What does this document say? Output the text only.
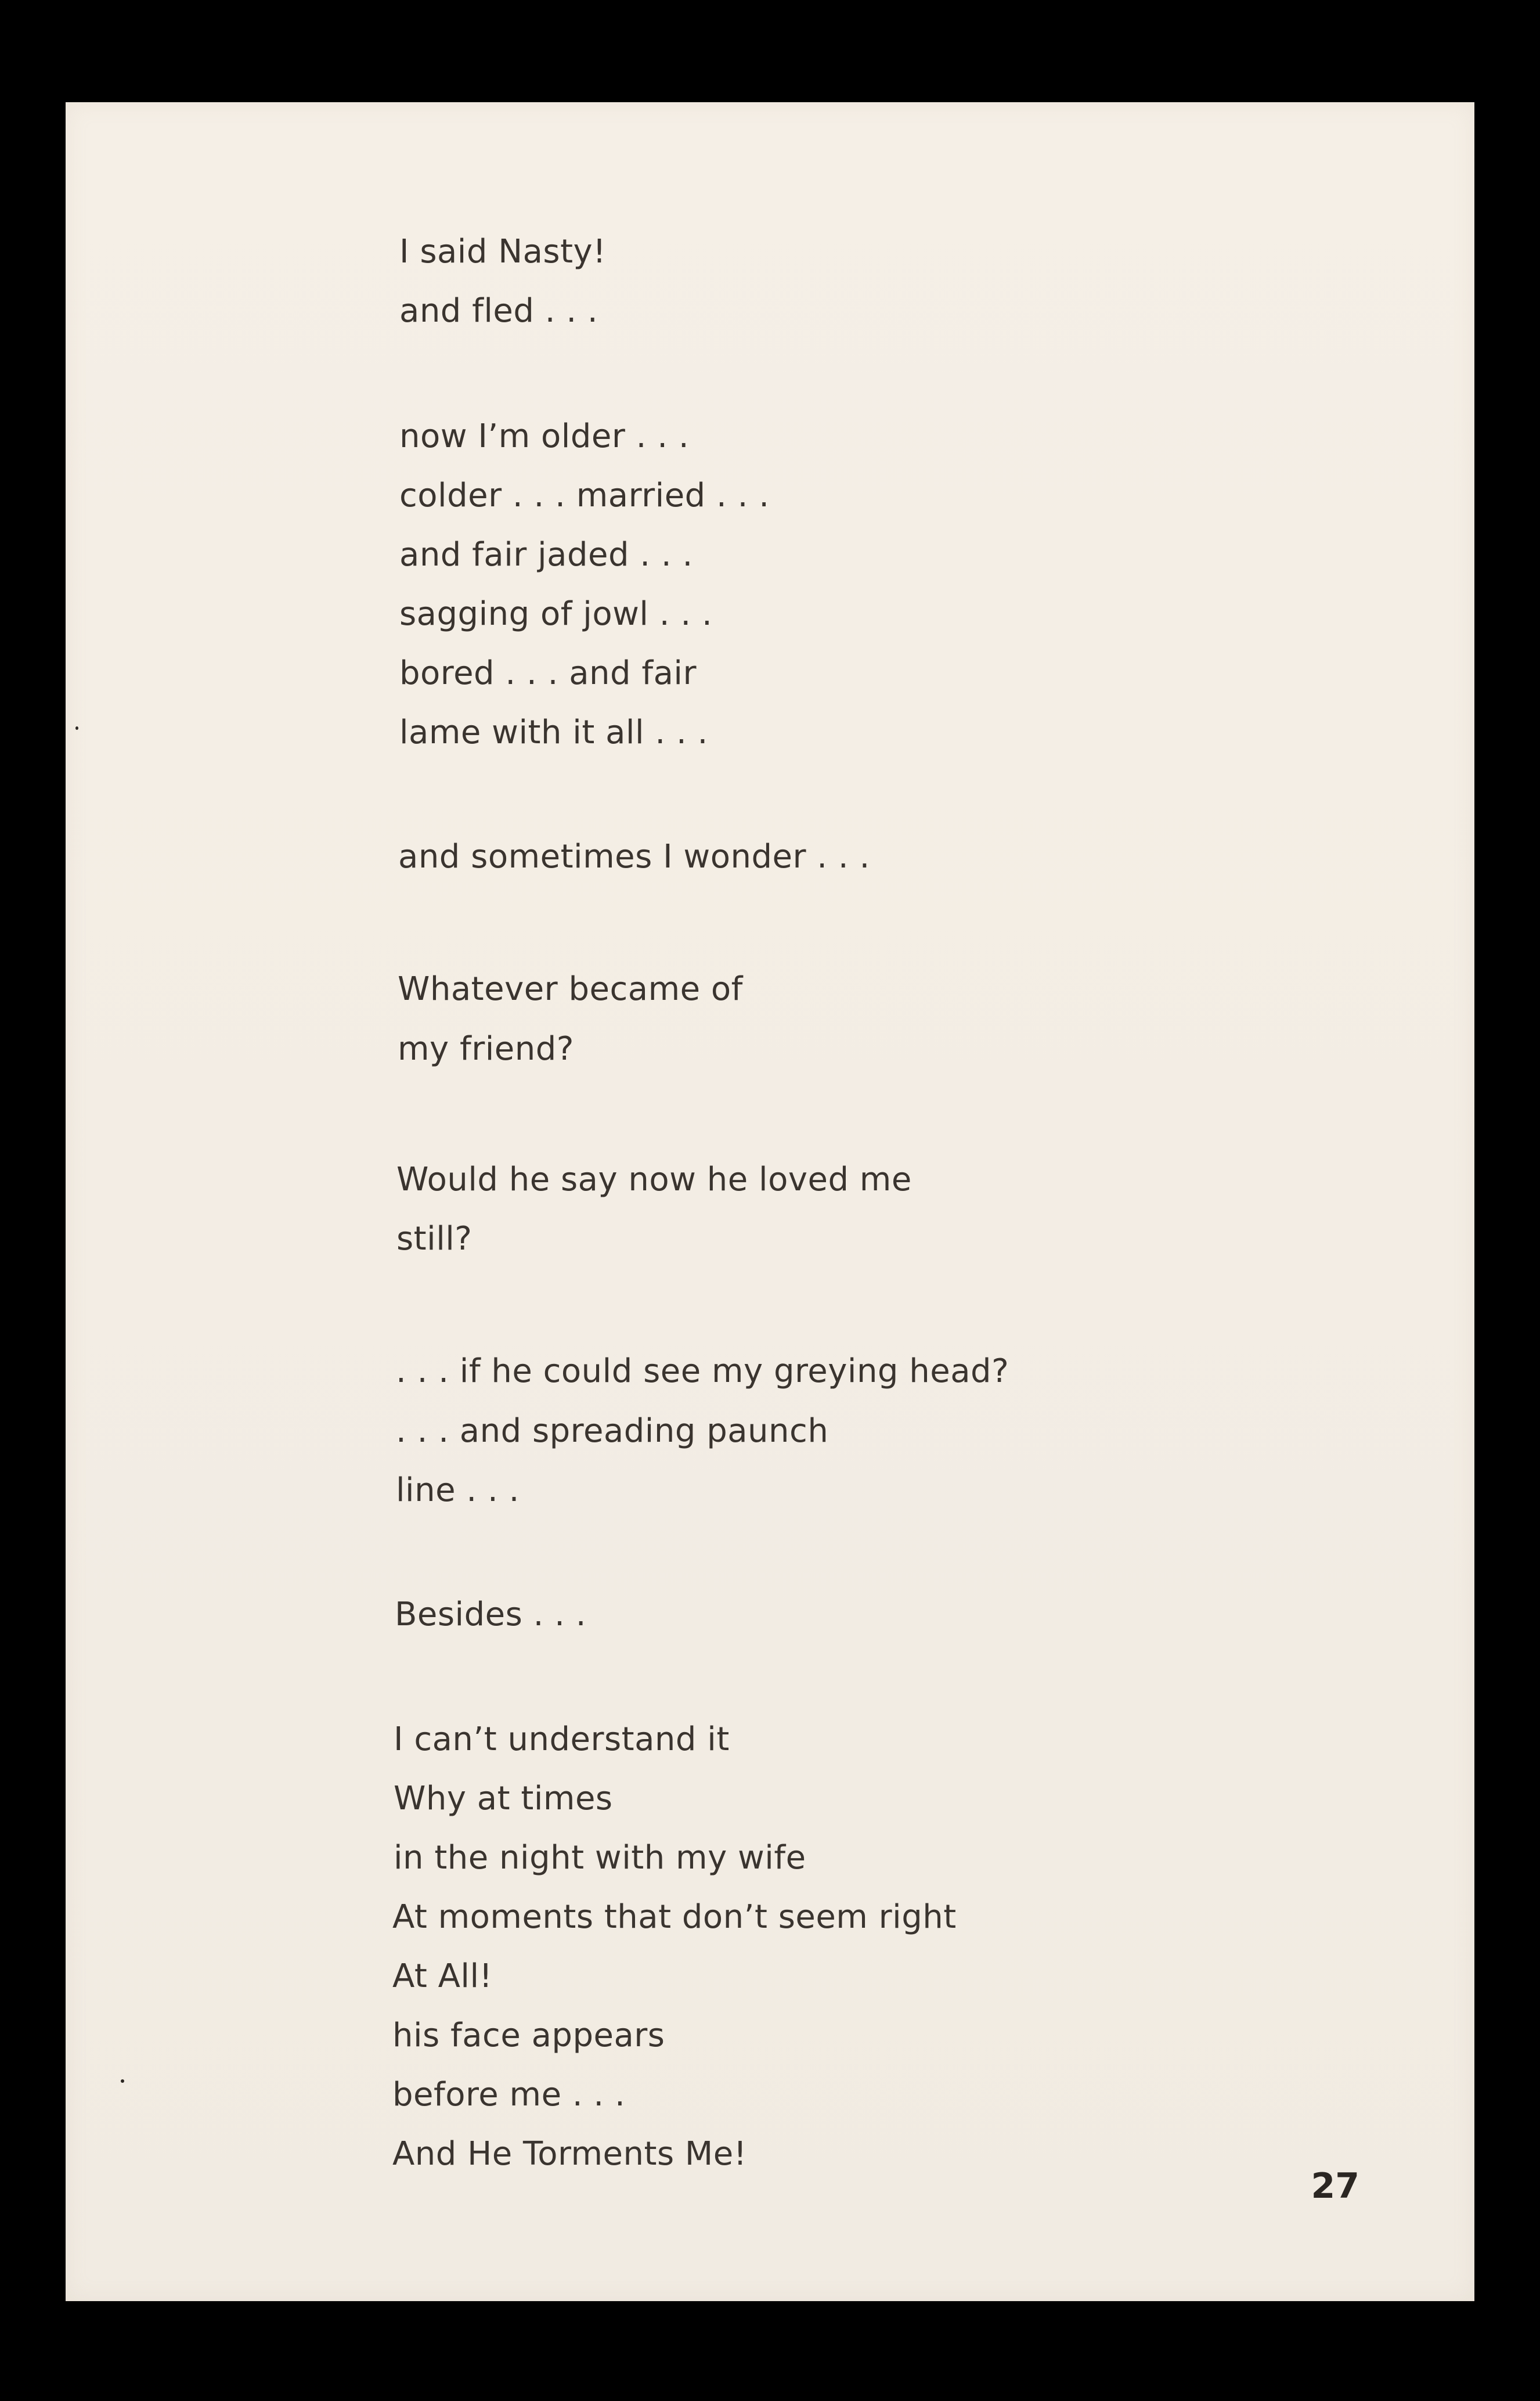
I said Nasty!

and fled . . .

now I’m older . . .

colder . . . married . . .

and fair jaded . . .

sagging of jowl . . .

bored . . . and fair

lame with it all . . .

and sometimes I wonder . . .

Whatever became of

my friend?

Would he say now he loved me

still?

. . . if he could see my greying head?

. . . and spreading paunch

line . . .

Besides . . .

I can’t understand it

Why at times

in the night with my wife

At moments that don’t seem right

At All!

his face appears

before me . . .

And He Torments Me!

27
